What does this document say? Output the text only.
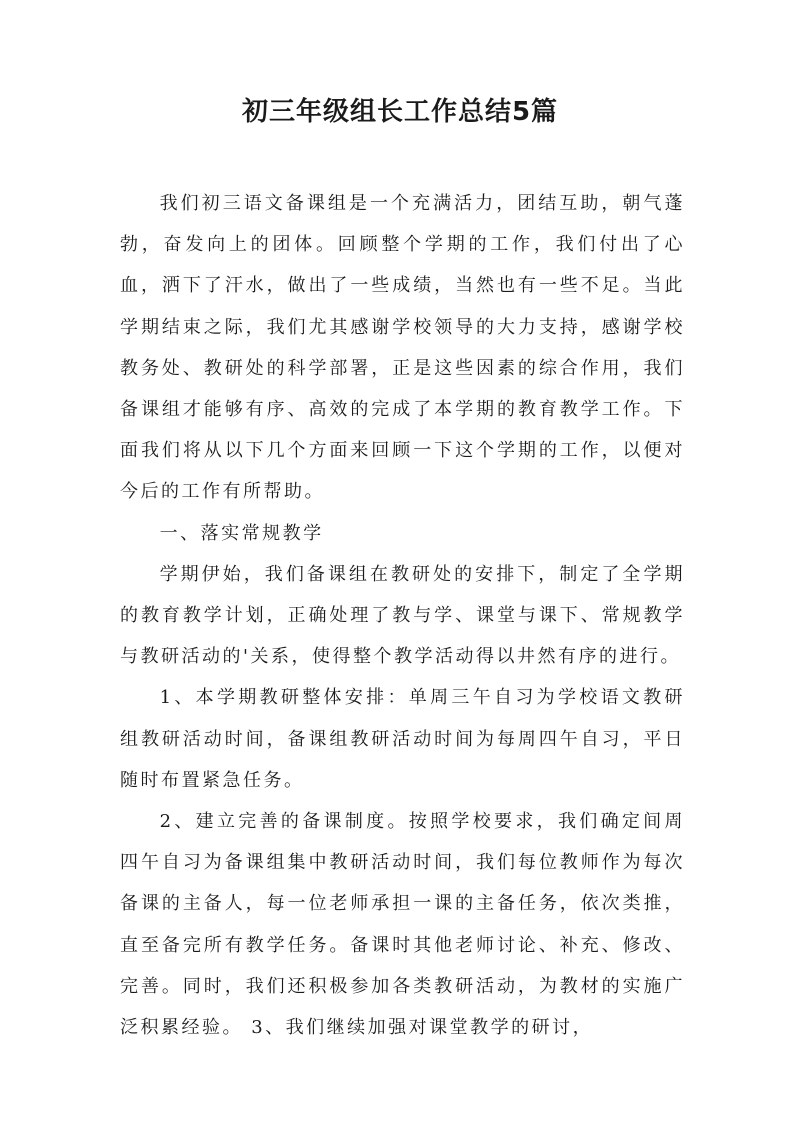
初三年级组长工作总结5篇

我们初三语文备课组是一个充满活力，团结互助，朝气蓬勃，奋发向上的团体。回顾整个学期的工作，我们付出了心血，洒下了汗水，做出了一些成绩，当然也有一些不足。当此学期结束之际，我们尤其感谢学校领导的大力支持，感谢学校教务处、教研处的科学部署，正是这些因素的综合作用，我们备课组才能够有序、高效的完成了本学期的教育教学工作。下面我们将从以下几个方面来回顾一下这个学期的工作，以便对今后的工作有所帮助。

一、落实常规教学

学期伊始，我们备课组在教研处的安排下，制定了全学期的教育教学计划，正确处理了教与学、课堂与课下、常规教学与教研活动的'关系，使得整个教学活动得以井然有序的进行。

1、本学期教研整体安排：单周三午自习为学校语文教研组教研活动时间，备课组教研活动时间为每周四午自习，平日随时布置紧急任务。

2、建立完善的备课制度。按照学校要求，我们确定间周四午自习为备课组集中教研活动时间，我们每位教师作为每次备课的主备人，每一位老师承担一课的主备任务，依次类推，直至备完所有教学任务。备课时其他老师讨论、补充、修改、完善。同时，我们还积极参加各类教研活动，为教材的实施广泛积累经验。 3、我们继续加强对课堂教学的研讨，
